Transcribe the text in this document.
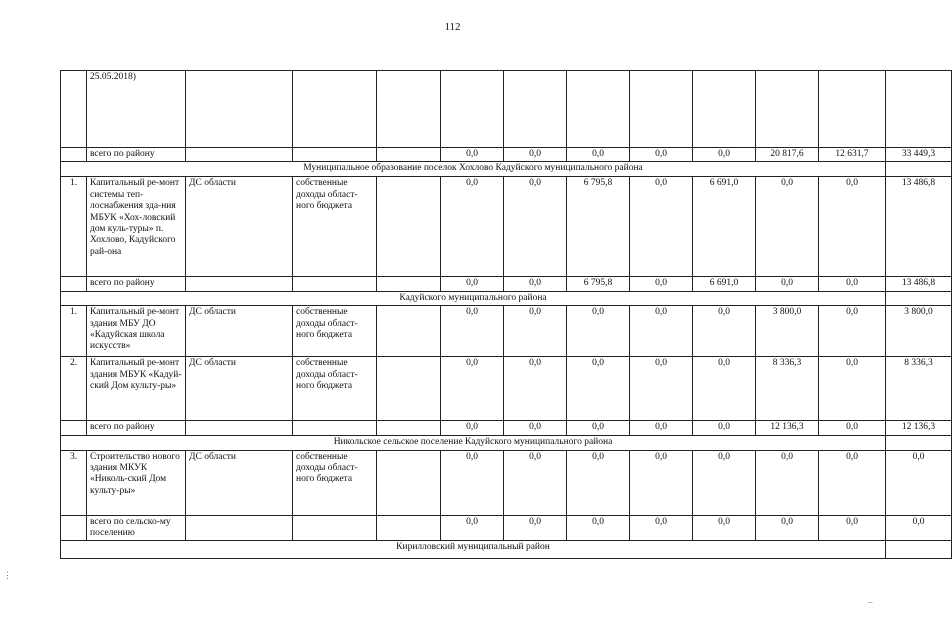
112
	25.05.2018)											
	всего по району				0,0	0,0	0,0	0,0	0,0	20 817,6	12 631,7	33 449,3
Муниципальное образование поселок Хохлово Кадуйского муниципального района												
1.	Капитальный ре-монт системы теп-лоснабжения зда-ния МБУК «Хох-ловский дом куль-туры» п. Хохлово, Кадуйского рай-она	ДС области	собственные доходы област-ного бюджета		0,0	0,0	6 795,8	0,0	6 691,0	0,0	0,0	13 486,8
	всего по району				0,0	0,0	6 795,8	0,0	6 691,0	0,0	0,0	13 486,8
Кадуйского муниципального района												
1.	Капитальный ре-монт здания МБУ ДО «Кадуйская школа искусств»	ДС области	собственные доходы област-ного бюджета		0,0	0,0	0,0	0,0	0,0	3 800,0	0,0	3 800,0
2.	Капитальный ре-монт здания МБУК «Кадуй-ский Дом культу-ры»	ДС области	собственные доходы област-ного бюджета		0,0	0,0	0,0	0,0	0,0	8 336,3	0,0	8 336,3
	всего по району				0,0	0,0	0,0	0,0	0,0	12 136,3	0,0	12 136,3
Никольское сельское поселение Кадуйского муниципального района												
3.	Строительство нового здания МКУК «Николь-ский Дом культу-ры»	ДС области	собственные доходы област-ного бюджета		0,0	0,0	0,0	0,0	0,0	0,0	0,0	0,0
	всего по сельско-му поселению				0,0	0,0	0,0	0,0	0,0	0,0	0,0	0,0
Кирилловский муниципальный район												
⋮
–
